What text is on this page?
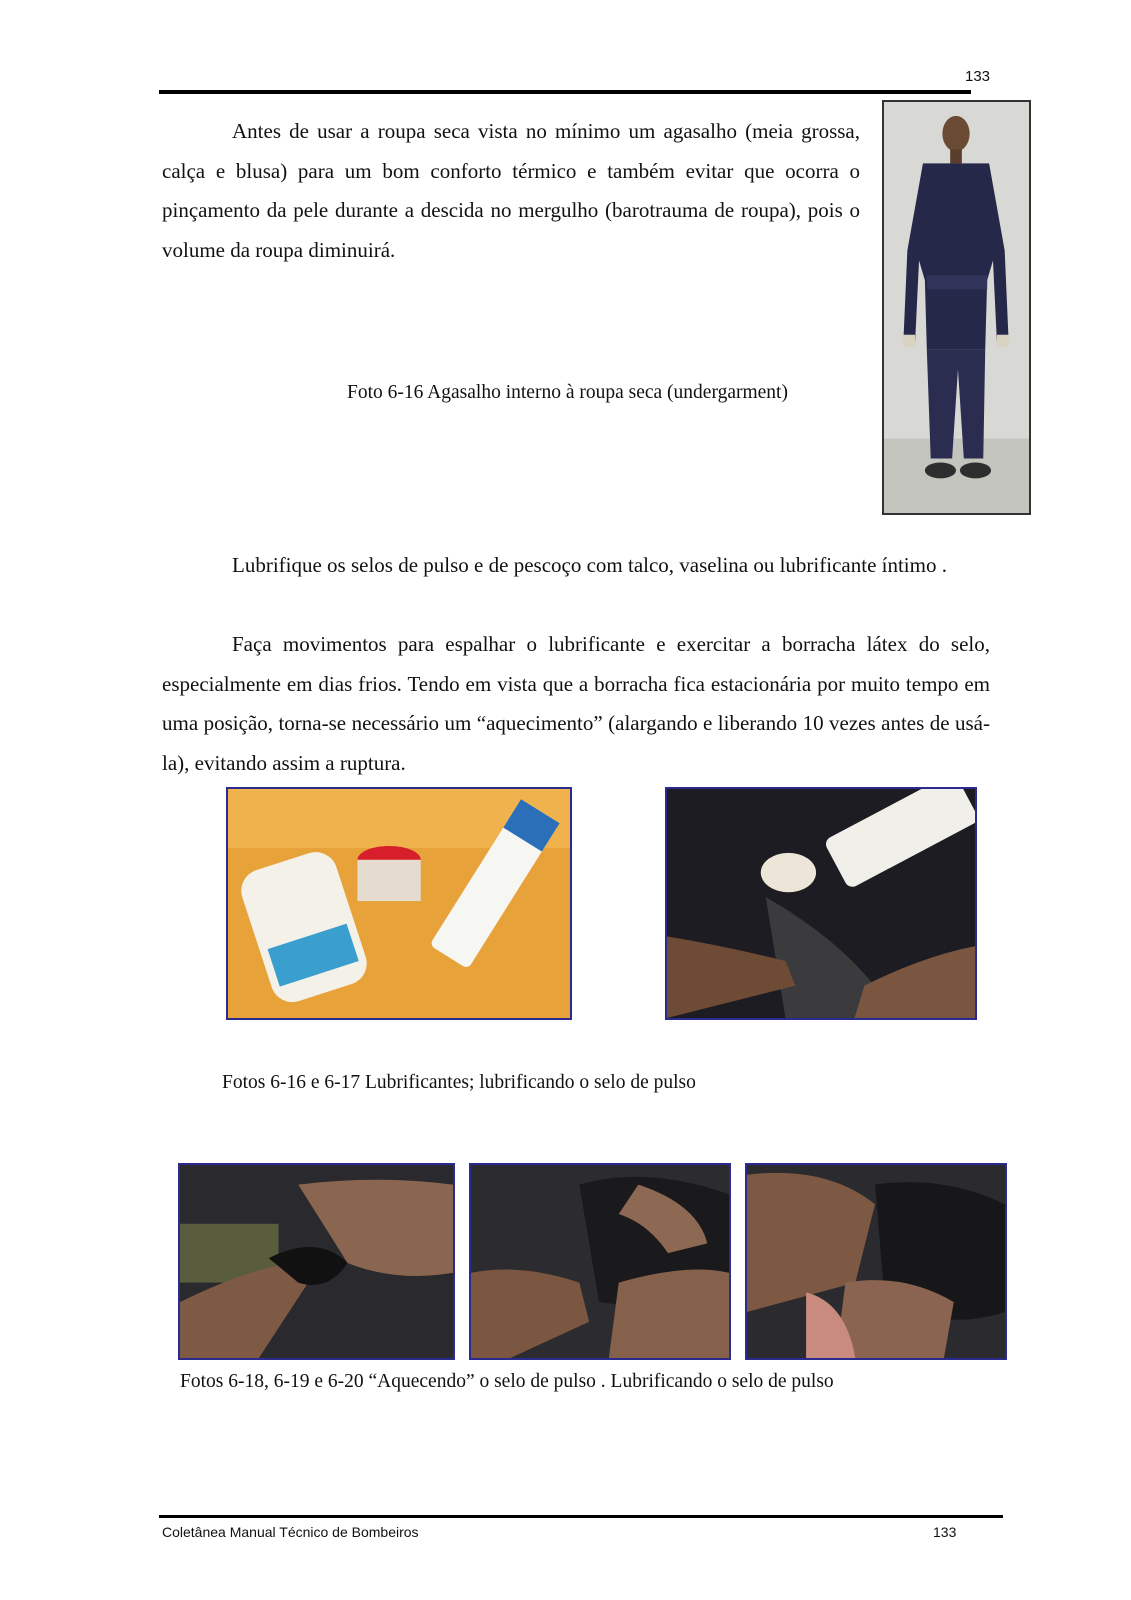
133

Antes de usar a roupa seca vista no mínimo um agasalho (meia grossa, calça e blusa) para um bom conforto térmico e também evitar que ocorra o pinçamento da pele durante a descida no mergulho (barotrauma de roupa), pois o volume da roupa diminuirá.

Foto 6-16 Agasalho interno à roupa seca (undergarment)

Lubrifique os selos de pulso e de pescoço com talco, vaselina ou lubrificante íntimo .

Faça movimentos para espalhar o lubrificante e exercitar a borracha látex do selo, especialmente em dias frios. Tendo em vista que a borracha fica estacionária por muito tempo em uma posição, torna-se necessário um “aquecimento” (alargando e liberando 10 vezes antes de usá-la), evitando assim a ruptura.

Fotos 6-16 e 6-17 Lubrificantes; lubrificando o selo de pulso
Fotos 6-18, 6-19 e 6-20 “Aquecendo” o selo de pulso . Lubrificando o selo de pulso
Coletânea Manual Técnico de Bombeiros	133
